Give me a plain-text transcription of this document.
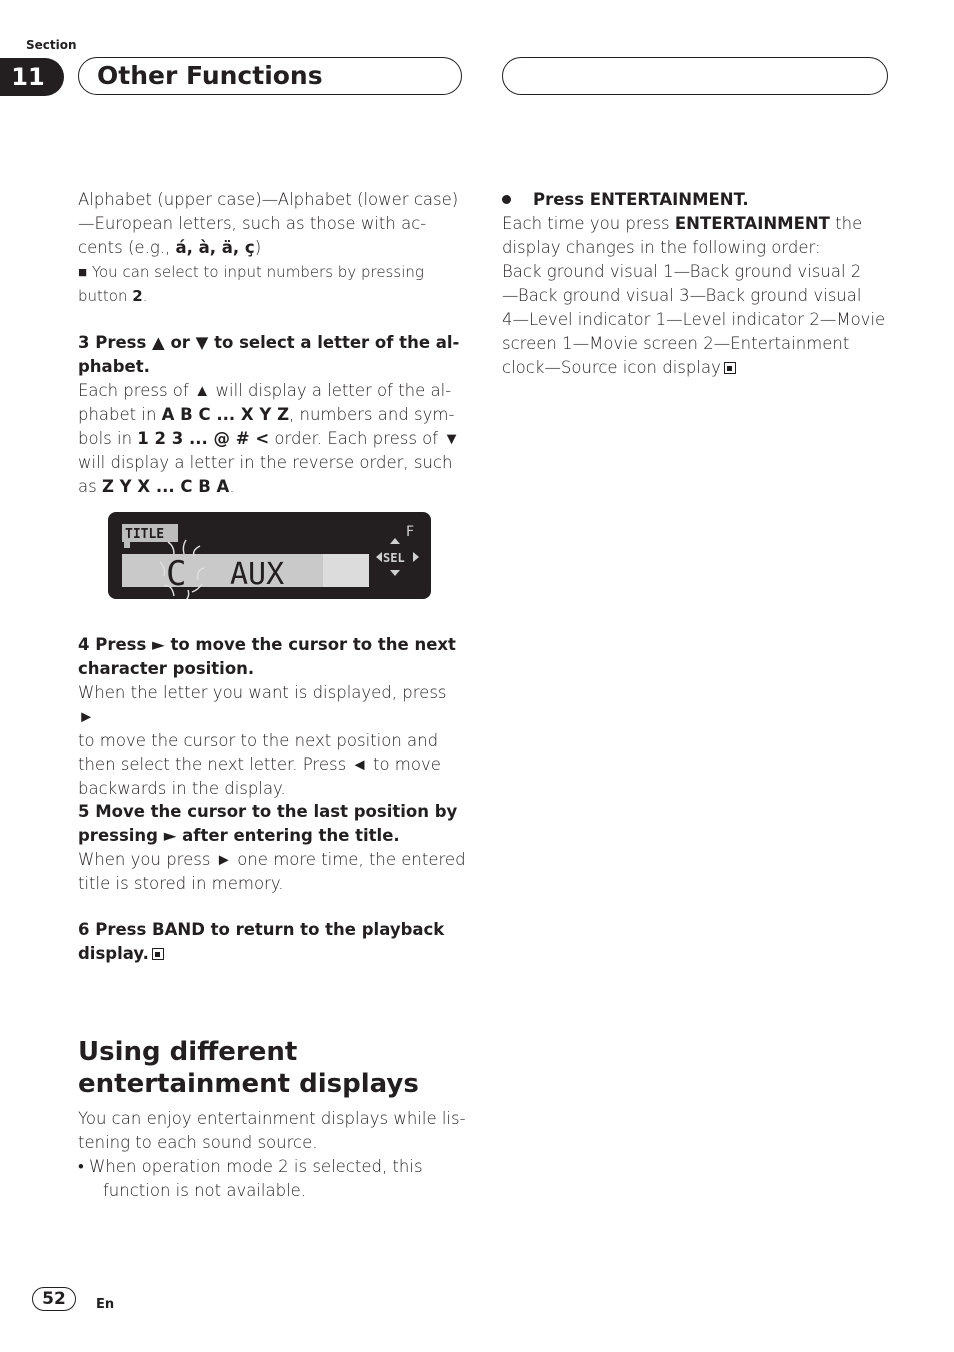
Section
11	Other Functions

Alphabet (upper case)—Alphabet (lower case)

—European letters, such as those with ac-

cents (e.g., á, à, ä, ç)

■ You can select to input numbers by pressing

button 2.

3 Press ▲ or ▼ to select a letter of the al-

phabet.

Each press of ▲ will display a letter of the al-

phabet in A B C ... X Y Z, numbers and sym-

bols in 1 2 3 ... @ # < order. Each press of ▼

will display a letter in the reverse order, such

as Z Y X ... C B A.

TITLE	F
C AUX	SEL

4 Press ► to move the cursor to the next

character position.

When the letter you want is displayed, press ►

to move the cursor to the next position and

then select the next letter. Press ◄ to move

backwards in the display.

5 Move the cursor to the last position by

pressing ► after entering the title.

When you press ► one more time, the entered

title is stored in memory.

6 Press BAND to return to the playback

display.

Using different
entertainment displays

You can enjoy entertainment displays while lis-

tening to each sound source.

• When operation mode 2 is selected, this

function is not available.

Press ENTERTAINMENT.

Each time you press ENTERTAINMENT the

display changes in the following order:

Back ground visual 1—Back ground visual 2

—Back ground visual 3—Back ground visual

4—Level indicator 1—Level indicator 2—Movie

screen 1—Movie screen 2—Entertainment

clock—Source icon display

52	En
